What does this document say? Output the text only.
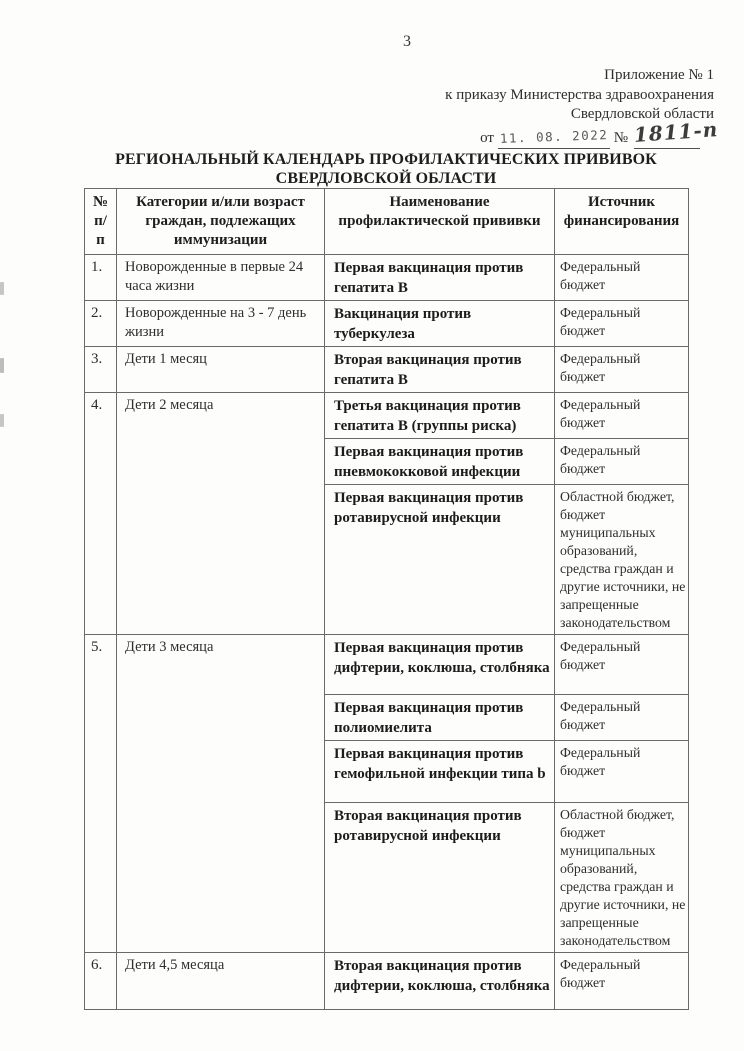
3
Приложение № 1
к приказу Министерства здравоохранения
Свердловской области
от 11. 08. 2022 № 1811-п
РЕГИОНАЛЬНЫЙ КАЛЕНДАРЬ ПРОФИЛАКТИЧЕСКИХ ПРИВИВОК
СВЕРДЛОВСКОЙ ОБЛАСТИ
№
п/
п	Категории и/или возраст граждан, подлежащих иммунизации	Наименование профилактической прививки	Источник финансирования
1.	Новорожденные в первые 24 часа жизни	Первая вакцинация против гепатита В	Федеральный бюджет
2.	Новорожденные на 3 - 7 день жизни	Вакцинация против туберкулеза	Федеральный бюджет
3.	Дети 1 месяц	Вторая вакцинация против гепатита В	Федеральный бюджет
4.	Дети 2 месяца	Третья вакцинация против гепатита В (группы риска)	Федеральный бюджет
		Первая вакцинация против пневмококковой инфекции	Федеральный бюджет
		Первая вакцинация против ротавирусной инфекции	Областной бюджет, бюджет муниципальных образований, средства граждан и другие источники, не запрещенные законодательством
5.	Дети 3 месяца	Первая вакцинация против дифтерии, коклюша, столбняка	Федеральный бюджет
		Первая вакцинация против полиомиелита	Федеральный бюджет
		Первая вакцинация против гемофильной инфекции типа b	Федеральный бюджет
		Вторая вакцинация против ротавирусной инфекции	Областной бюджет, бюджет муниципальных образований, средства граждан и другие источники, не запрещенные законодательством
6.	Дети 4,5 месяца	Вторая вакцинация против дифтерии, коклюша, столбняка	Федеральный бюджет
